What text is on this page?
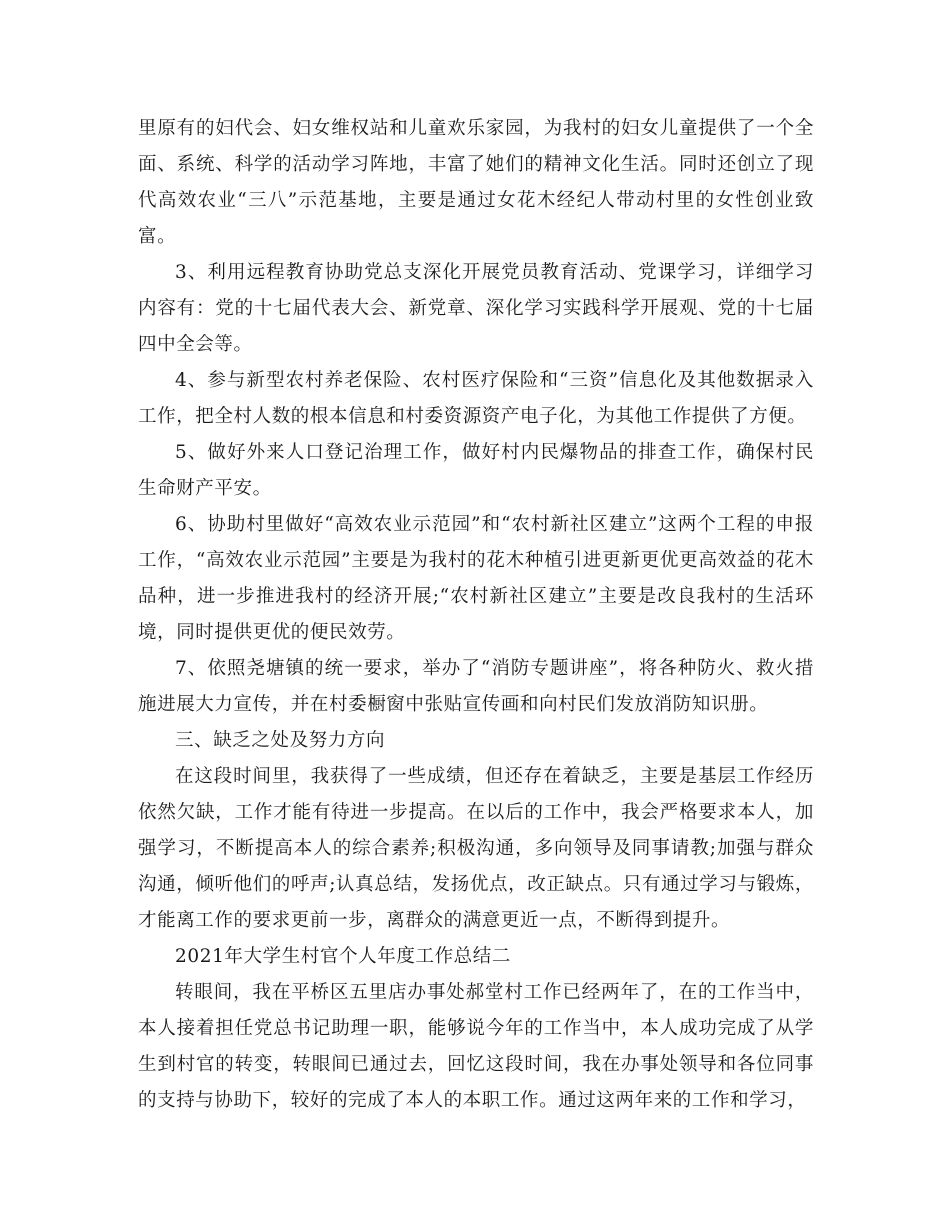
里原有的妇代会、妇女维权站和儿童欢乐家园，为我村的妇女儿童提供了一个全面、系统、科学的活动学习阵地，丰富了她们的精神文化生活。同时还创立了现代高效农业“三八”示范基地，主要是通过女花木经纪人带动村里的女性创业致富。

3、利用远程教育协助党总支深化开展党员教育活动、党课学习，详细学习内容有：党的十七届代表大会、新党章、深化学习实践科学开展观、党的十七届四中全会等。

4、参与新型农村养老保险、农村医疗保险和“三资”信息化及其他数据录入工作，把全村人数的根本信息和村委资源资产电子化，为其他工作提供了方便。

5、做好外来人口登记治理工作，做好村内民爆物品的排查工作，确保村民生命财产平安。

6、协助村里做好“高效农业示范园”和“农村新社区建立”这两个工程的申报工作，“高效农业示范园”主要是为我村的花木种植引进更新更优更高效益的花木品种，进一步推进我村的经济开展;“农村新社区建立”主要是改良我村的生活环境，同时提供更优的便民效劳。

7、依照尧塘镇的统一要求，举办了“消防专题讲座”，将各种防火、救火措施进展大力宣传，并在村委橱窗中张贴宣传画和向村民们发放消防知识册。

三、缺乏之处及努力方向

在这段时间里，我获得了一些成绩，但还存在着缺乏，主要是基层工作经历依然欠缺，工作才能有待进一步提高。在以后的工作中，我会严格要求本人，加强学习，不断提高本人的综合素养;积极沟通，多向领导及同事请教;加强与群众沟通，倾听他们的呼声;认真总结，发扬优点，改正缺点。只有通过学习与锻炼，才能离工作的要求更前一步，离群众的满意更近一点，不断得到提升。

2021年大学生村官个人年度工作总结二

转眼间，我在平桥区五里店办事处郝堂村工作已经两年了，在的工作当中，本人接着担任党总书记助理一职，能够说今年的工作当中，本人成功完成了从学生到村官的转变，转眼间已通过去，回忆这段时间，我在办事处领导和各位同事的支持与协助下，较好的完成了本人的本职工作。通过这两年来的工作和学习，
